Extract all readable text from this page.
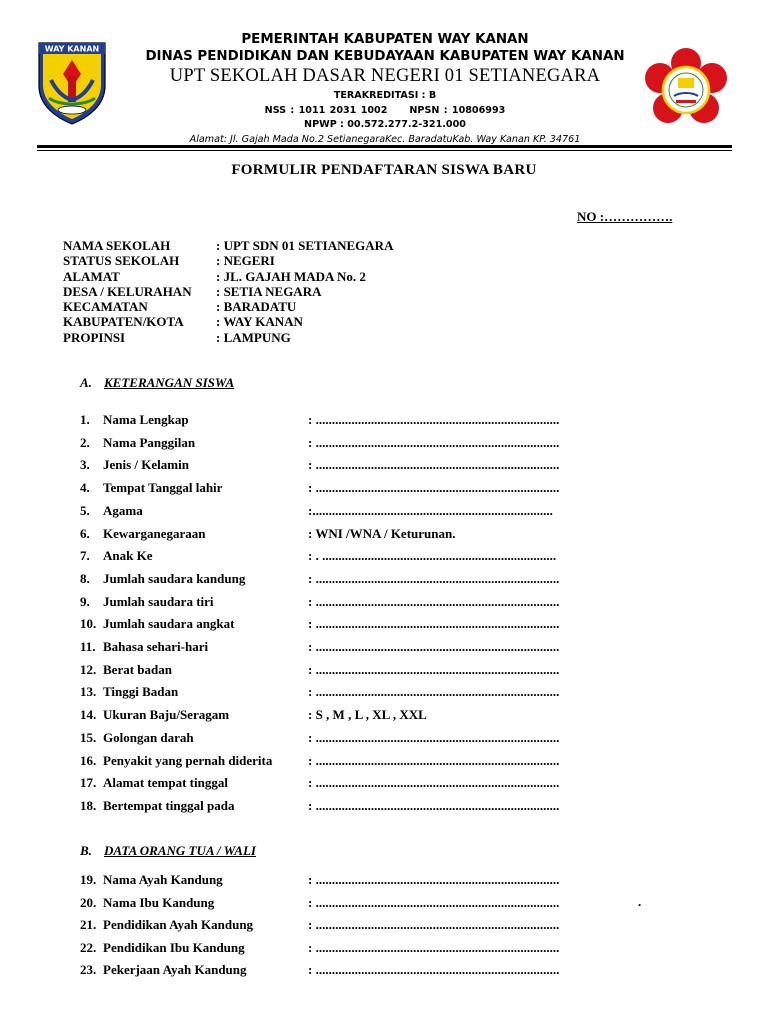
WAY KANAN
PEMERINTAH KABUPATEN WAY KANAN
DINAS PENDIDIKAN DAN KEBUDAYAAN KABUPATEN WAY KANAN
UPT SEKOLAH DASAR NEGERI 01 SETIANEGARA
TERAKREDITASI : B
NSS : 1011 2031 1002 NPSN : 10806993
NPWP : 00.572.277.2-321.000
Alamat: Jl. Gajah Mada No.2 SetianegaraKec. BaradatuKab. Way Kanan KP. 34761
FORMULIR PENDAFTARAN SISWA BARU
NO :…………….
NAMA SEKOLAH	: UPT SDN 01 SETIANEGARA
STATUS SEKOLAH	: NEGERI
ALAMAT	: JL. GAJAH MADA No. 2
DESA / KELURAHAN : SETIA NEGARA
KECAMATAN	: BARADATU
KABUPATEN/KOTA : WAY KANAN
PROPINSI	: LAMPUNG
A. KETERANGAN SISWA
1.	Nama Lengkap	: ...........................................................................
2.	Nama Panggilan	: ...........................................................................
3.	Jenis / Kelamin	: ...........................................................................
4.	Tempat Tanggal lahir	: ...........................................................................
5.	Agama	:..........................................................................
6.	Kewarganegaraan	: WNI /WNA / Keturunan.
7.	Anak Ke	: . ........................................................................
8.	Jumlah saudara kandung	: ...........................................................................
9.	Jumlah saudara tiri	: ...........................................................................
10. Jumlah saudara angkat	: ...........................................................................
11. Bahasa sehari-hari	: ...........................................................................
12. Berat badan	: ...........................................................................
13. Tinggi Badan	: ...........................................................................
14. Ukuran Baju/Seragam	: S , M , L , XL , XXL
15. Golongan darah	: ...........................................................................
16. Penyakit yang pernah diderita	: ...........................................................................
17. Alamat tempat tinggal	: ...........................................................................
18. Bertempat tinggal pada	: ...........................................................................
B. DATA ORANG TUA / WALI
19. Nama Ayah Kandung	: ...........................................................................
20. Nama Ibu Kandung	: ...........................................................................
21. Pendidikan Ayah Kandung	: ...........................................................................
22. Pendidikan Ibu Kandung	: ...........................................................................
23. Pekerjaan Ayah Kandung	: ...........................................................................
.
